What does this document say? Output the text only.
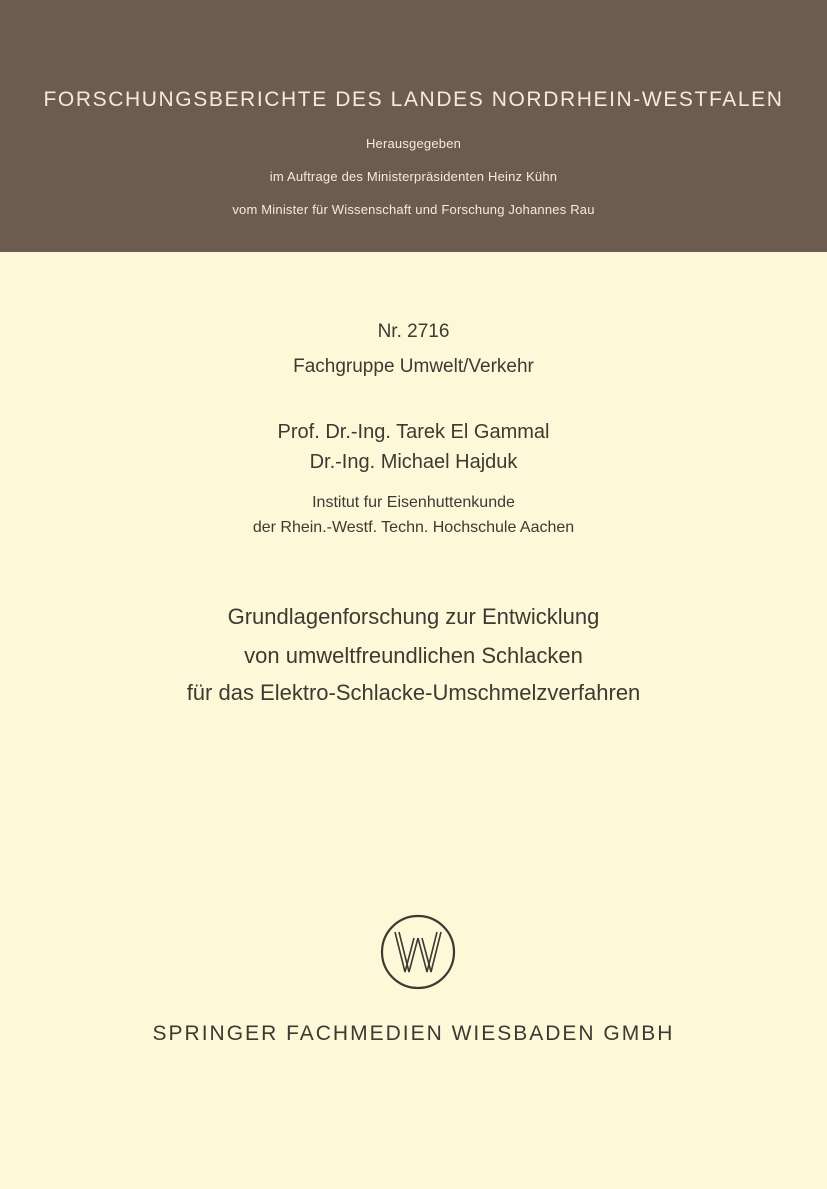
FORSCHUNGSBERICHTE DES LANDES NORDRHEIN-WESTFALEN
Herausgegeben
im Auftrage des Ministerpräsidenten Heinz Kühn
vom Minister für Wissenschaft und Forschung Johannes Rau
Nr. 2716
Fachgruppe Umwelt/Verkehr
Prof. Dr.-Ing. Tarek El Gammal
Dr.-Ing. Michael Hajduk
Institut fur Eisenhuttenkunde
der Rhein.-Westf. Techn. Hochschule Aachen
Grundlagenforschung zur Entwicklung
von umweltfreundlichen Schlacken
für das Elektro-Schlacke-Umschmelzverfahren
SPRINGER FACHMEDIEN WIESBADEN GMBH
